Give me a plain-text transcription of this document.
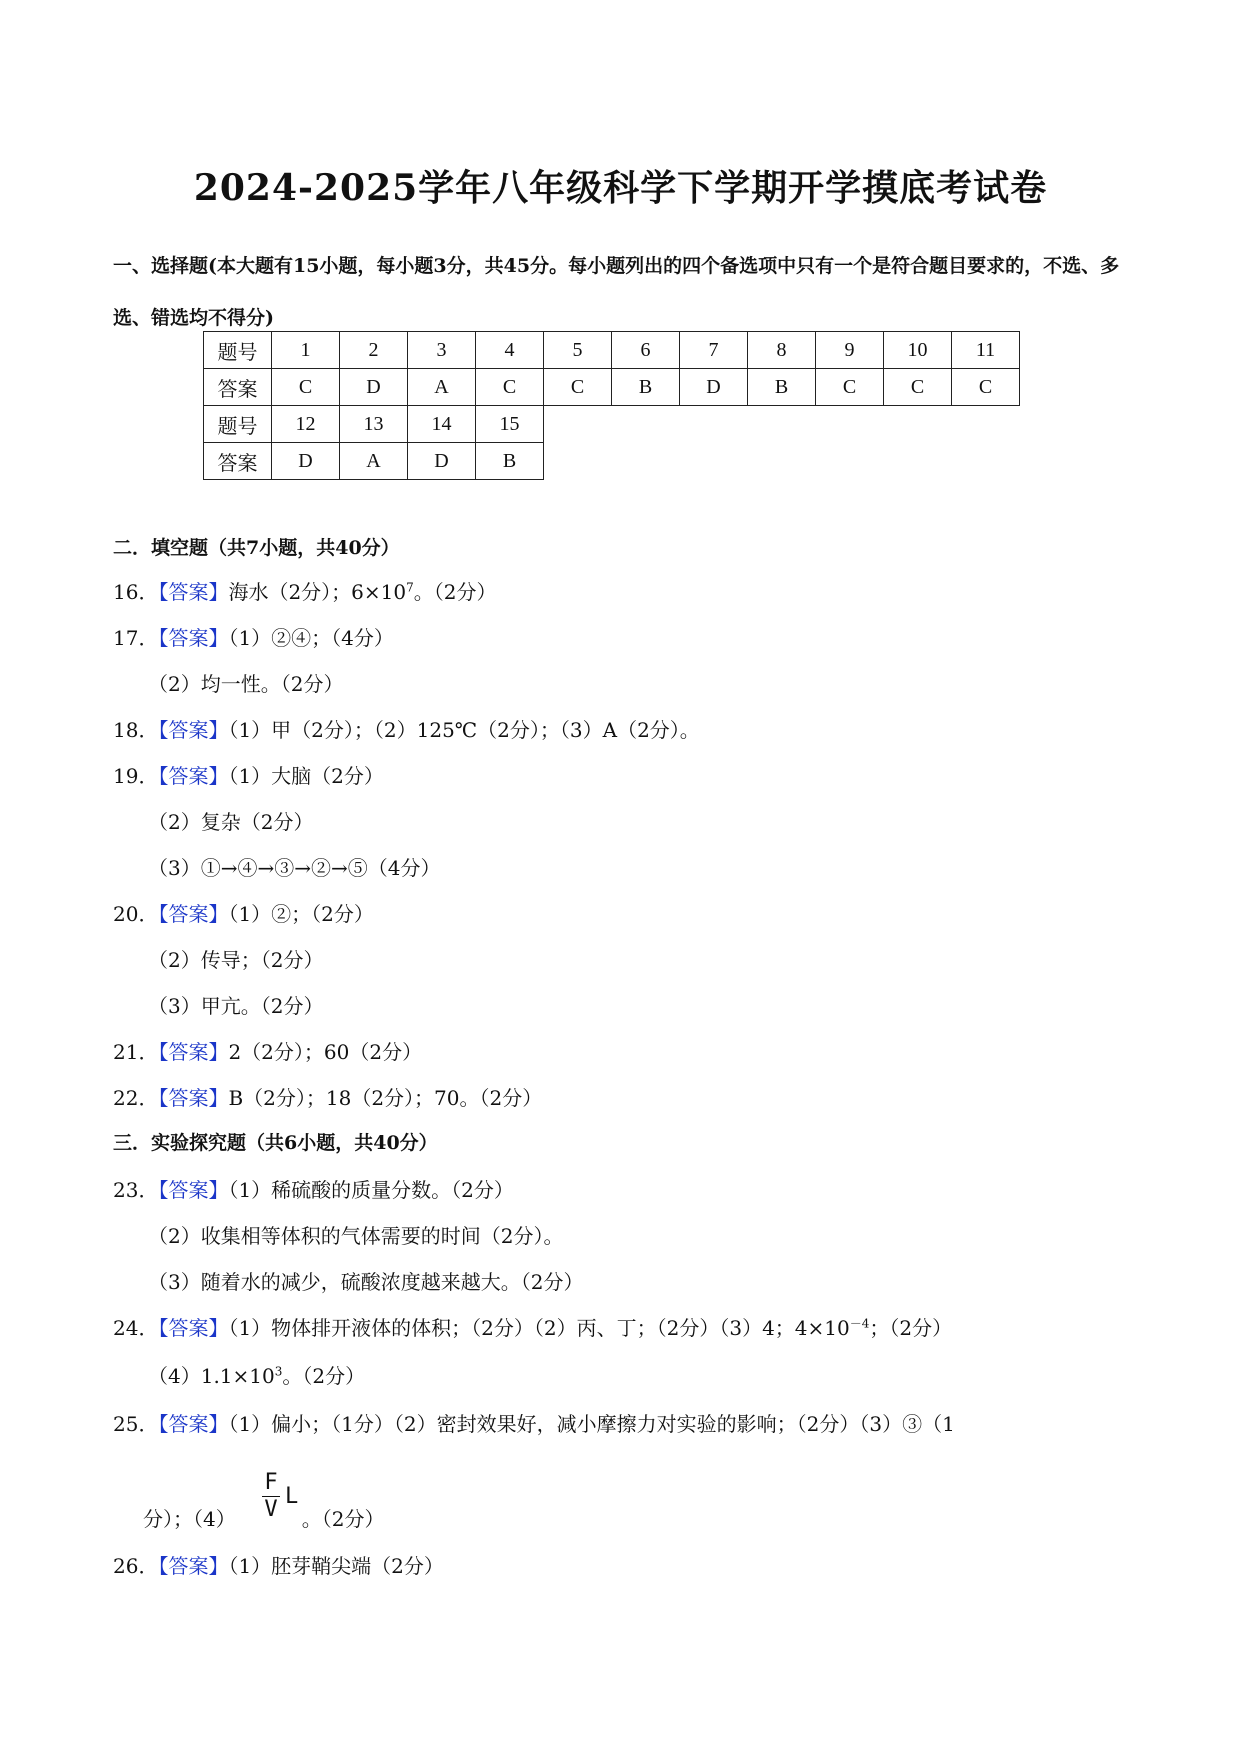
2024-2025学年八年级科学下学期开学摸底考试卷
一、选择题(本大题有15小题，每小题3分，共45分。每小题列出的四个备选项中只有一个是符合题目要求的，不选、多选、错选均不得分)
题号	1	2	3	4	5	6	7	8	9	10	11
答案	C	D	A	C	C	B	D	B	C	C	C
题号	12	13	14	15							
答案	D	A	D	B							
二．填空题（共7小题，共40分）
16．【答案】海水（2分）；$6\times 10^7$。（2分）
17．【答案】（1）②④；（4分）
（2）均一性。（2分）
18．【答案】（1）甲（2分）；（2）125℃（2分）；（3）A（2分）。
19．【答案】（1）大脑（2分）
（2）复杂（2分）
（3）①→④→③→②→⑤（4分）
20．【答案】（1）②；（2分）
（2）传导；（2分）
（3）甲亢。（2分）
21．【答案】2（2分）；60（2分）
22．【答案】B（2分）；18（2分）；70。（2分）
三．实验探究题（共6小题，共40分）
23．【答案】（1）稀硫酸的质量分数。（2分）
（2）收集相等体积的气体需要的时间（2分）。
（3）随着水的减少，硫酸浓度越来越大。（2分）
24．【答案】（1）物体排开液体的体积；（2分）（2）丙、丁；（2分）（3）4；$4\times 10^{-4}$；（2分）
$(4)1.1\times 10^3$。（2分）
25．【答案】（1）偏小；（1分）（2）密封效果好，减小摩擦力对实验的影响；（2分）（3）③（1
F
V
L
分）；（4）	。（2分）
26．【答案】（1）胚芽鞘尖端（2分）
